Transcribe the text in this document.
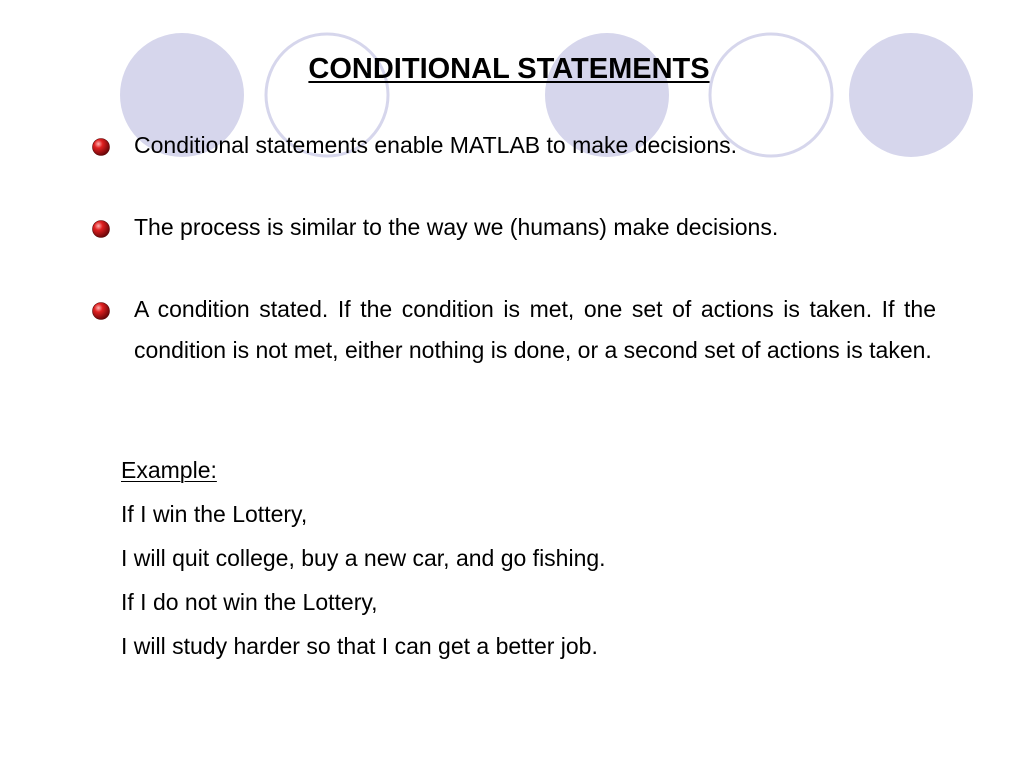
CONDITIONAL STATEMENTS
Conditional statements enable MATLAB to make decisions.
The process is similar to the way we (humans) make decisions.
A condition stated. If the condition is met, one set of actions is taken. If the condition is not met, either nothing is done, or a second set of actions is taken.
Example:
If I win the Lottery,
I will quit college, buy a new car, and go fishing.
If I do not win the Lottery,
I will study harder so that I can get a better job.
